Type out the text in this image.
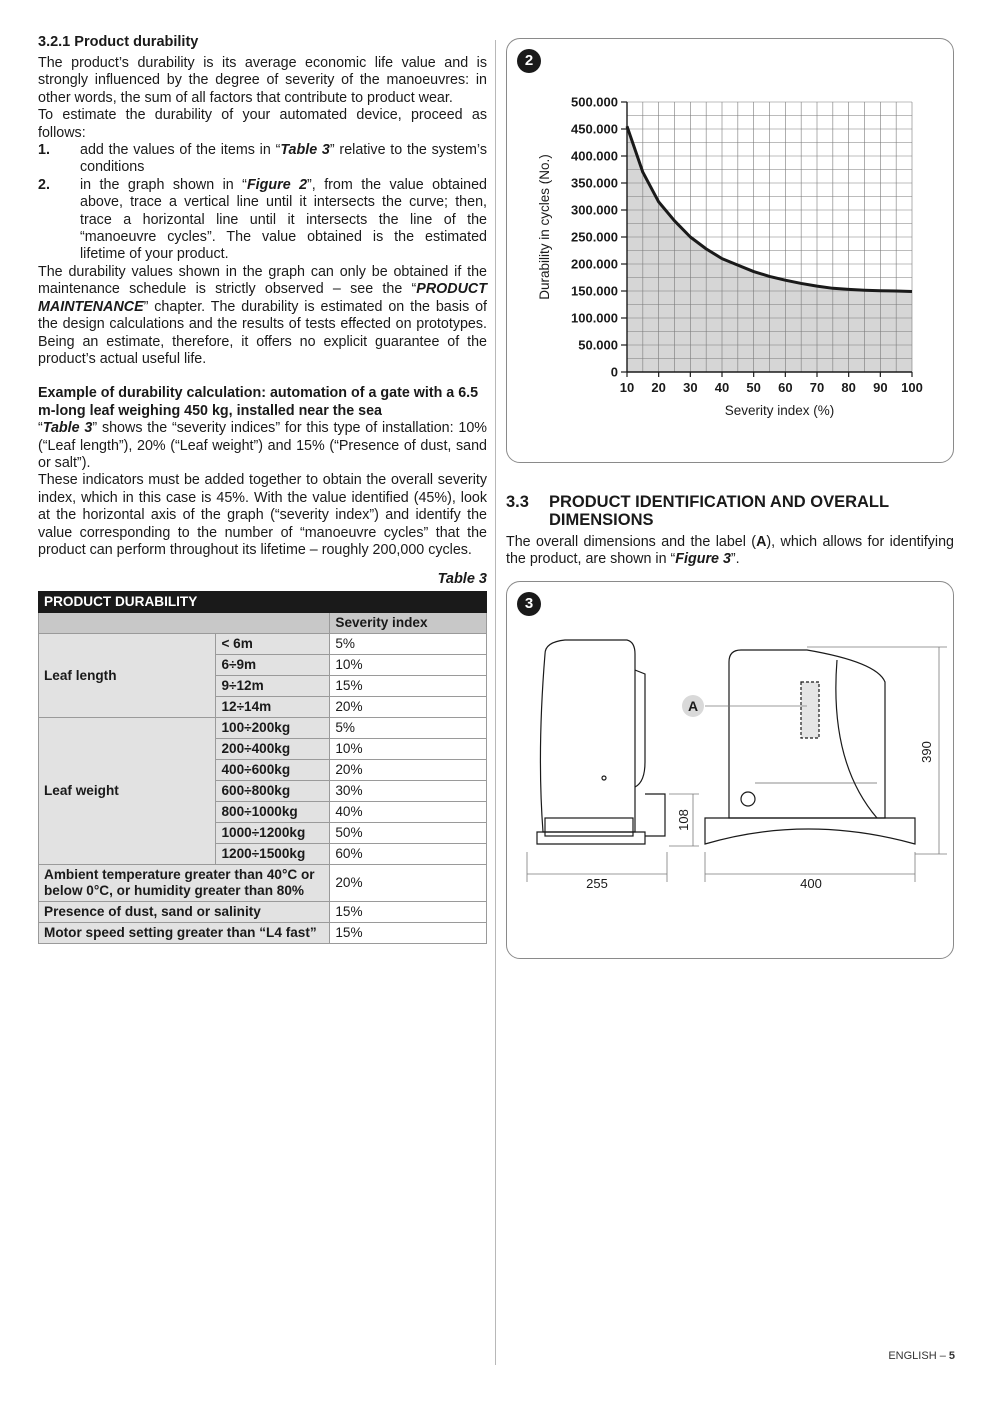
3.2.1 Product durability

The product’s durability is its average economic life value and is strongly influenced by the degree of severity of the manoeuvres: in other words, the sum of all factors that contribute to product wear.

To estimate the durability of your automated device, proceed as follows:

1. add the values of the items in “Table 3” relative to the system’s conditions
2. in the graph shown in “Figure 2”, from the value obtained above, trace a vertical line until it intersects the curve; then, trace a horizontal line until it intersects the line of the “manoeuvre cycles”. The value obtained is the estimated lifetime of your product.

The durability values shown in the graph can only be obtained if the maintenance schedule is strictly observed – see the “PRODUCT MAINTENANCE” chapter. The durability is estimated on the basis of the design calculations and the results of tests effected on prototypes. Being an estimate, therefore, it offers no explicit guarantee of the product’s actual useful life.

Example of durability calculation: automation of a gate with a 6.5 m-long leaf weighing 450 kg, installed near the sea

“Table 3” shows the “severity indices” for this type of installation: 10% (“Leaf length”), 20% (“Leaf weight”) and 15% (“Presence of dust, sand or salt”).

These indicators must be added together to obtain the overall severity index, which in this case is 45%. With the value identified (45%), look at the horizontal axis of the graph (“severity index”) and identify the value corresponding to the number of “manoeuvre cycles” that the product can perform throughout its lifetime – roughly 200,000 cycles.

Table 3
PRODUCT DURABILITY		
		Severity index
Leaf length	< 6m	5%
	6÷9m	10%
	9÷12m	15%
	12÷14m	20%
Leaf weight	100÷200kg	5%
	200÷400kg	10%
	400÷600kg	20%
	600÷800kg	30%
	800÷1000kg	40%
	1000÷1200kg	50%
	1200÷1500kg	60%
Ambient temperature greater than 40°C or below 0°C, or humidity greater than 80%		20%
Presence of dust, sand or salinity		15%
Motor speed setting greater than “L4 fast”		15%
2
0
50.000
100.000
150.000
200.000
250.000
300.000
350.000
400.000
450.000
500.000
10 20 30 40 50 60 70 80 90 100
Severity index (%)
Durability in cycles (No.)
3.3 PRODUCT IDENTIFICATION AND OVERALL DIMENSIONS

The overall dimensions and the label (A), which allows for identifying the product, are shown in “Figure 3”.

3
A
255	400
390
108
ENGLISH – 5
